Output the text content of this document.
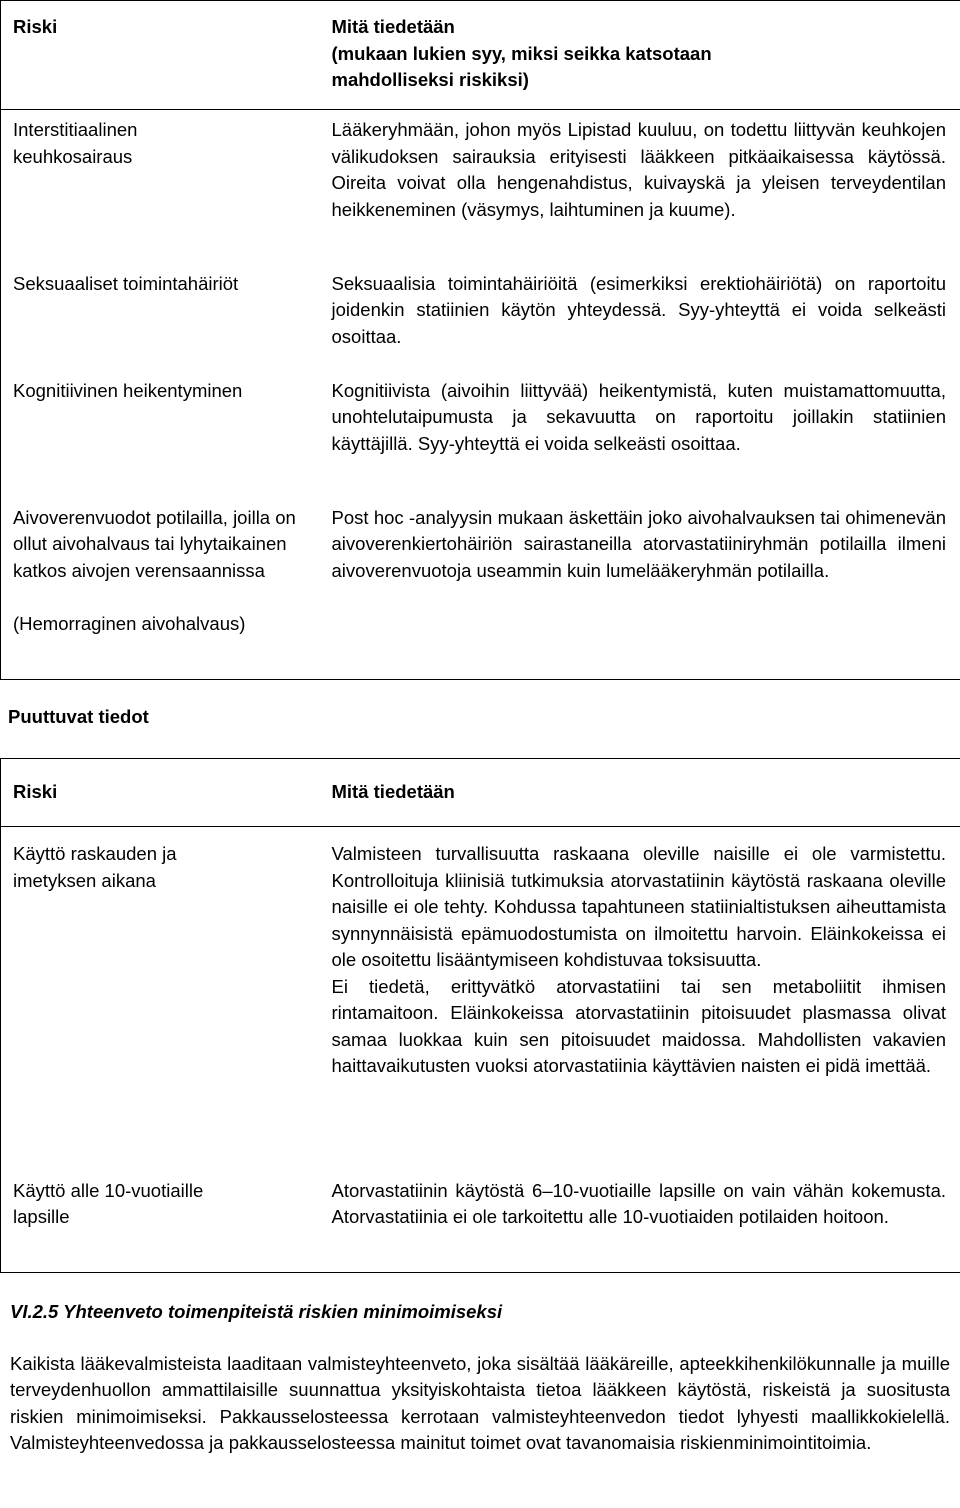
Riski	Mitä tiedetään
(mukaan lukien syy, miksi seikka katsotaan
mahdolliseksi riskiksi)

Interstitiaalinen keuhkosairaus	Lääkeryhmään, johon myös Lipistad kuuluu, on todettu liittyvän keuhkojen välikudoksen sairauksia erityisesti lääkkeen pitkäaikaisessa käytössä. Oireita voivat olla hengenahdistus, kuivayskä ja yleisen terveydentilan heikkeneminen (väsymys, laihtuminen ja kuume).
Seksuaaliset toimintahäiriöt	Seksuaalisia toimintahäiriöitä (esimerkiksi erektiohäiriötä) on raportoitu joidenkin statiinien käytön yhteydessä. Syy-yhteyttä ei voida selkeästi osoittaa.
Kognitiivinen heikentyminen	Kognitiivista (aivoihin liittyvää) heikentymistä, kuten muistamattomuutta, unohtelutaipumusta ja sekavuutta on raportoitu joillakin statiinien käyttäjillä. Syy-yhteyttä ei voida selkeästi osoittaa.

Aivoverenvuodot potilailla, joilla on ollut aivohalvaus tai lyhytaikainen katkos aivojen verensaannissa
(Hemorraginen aivohalvaus)	Post hoc -analyysin mukaan äskettäin joko aivohalvauksen tai ohimenevän aivoverenkiertohäiriön sairastaneilla atorvastatiiniryhmän potilailla ilmeni aivoverenvuotoja useammin kuin lumelääkeryhmän potilailla.
Puuttuvat tiedot
Riski	Mitä tiedetään
Käyttö raskauden ja imetyksen aikana	Valmisteen turvallisuutta raskaana oleville naisille ei ole varmistettu. Kontrolloituja kliinisiä tutkimuksia atorvastatiinin käytöstä raskaana oleville naisille ei ole tehty. Kohdussa tapahtuneen statiinialtistuksen aiheuttamista synnynnäisistä epämuodostumista on ilmoitettu harvoin. Eläinkokeissa ei ole osoitettu lisääntymiseen kohdistuvaa toksisuutta.

Ei tiedetä, erittyvätkö atorvastatiini tai sen metaboliitit ihmisen rintamaitoon. Eläinkokeissa atorvastatiinin pitoisuudet plasmassa olivat samaa luokkaa kuin sen pitoisuudet maidossa. Mahdollisten vakavien haittavaikutusten vuoksi atorvastatiinia käyttävien naisten ei pidä imettää.

Käyttö alle 10-vuotiaille lapsille	Atorvastatiinin käytöstä 6–10-vuotiaille lapsille on vain vähän kokemusta. Atorvastatiinia ei ole tarkoitettu alle 10-vuotiaiden potilaiden hoitoon.
VI.2.5 Yhteenveto toimenpiteistä riskien minimoimiseksi
Kaikista lääkevalmisteista laaditaan valmisteyhteenveto, joka sisältää lääkäreille, apteekkihenkilökunnalle ja muille terveydenhuollon ammattilaisille suunnattua yksityiskohtaista tietoa lääkkeen käytöstä, riskeistä ja suositusta riskien minimoimiseksi. Pakkausselosteessa kerrotaan valmisteyhteenvedon tiedot lyhyesti maallikkokielellä. Valmisteyhteenvedossa ja pakkausselosteessa mainitut toimet ovat tavanomaisia riskienminimointitoimia.
